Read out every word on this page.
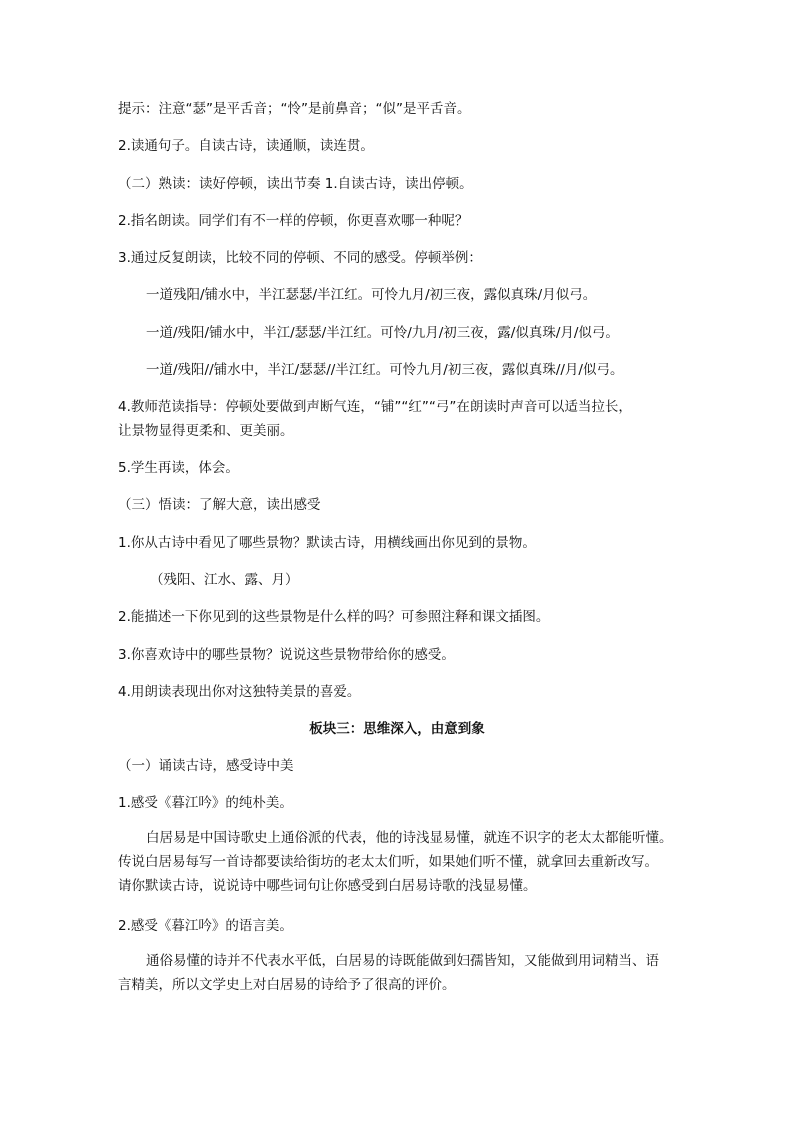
提示：注意“瑟”是平舌音；“怜”是前鼻音；“似”是平舌音。
2.读通句子。自读古诗，读通顺，读连贯。
（二）熟读：读好停顿，读出节奏 1.自读古诗，读出停顿。
2.指名朗读。同学们有不一样的停顿，你更喜欢哪一种呢？
3.通过反复朗读，比较不同的停顿、不同的感受。停顿举例：
一道残阳/铺水中，半江瑟瑟/半江红。可怜九月/初三夜，露似真珠/月似弓。
一道/残阳/铺水中，半江/瑟瑟/半江红。可怜/九月/初三夜，露/似真珠/月/似弓。
一道/残阳//铺水中，半江/瑟瑟//半江红。可怜九月/初三夜，露似真珠//月/似弓。
4.教师范读指导：停顿处要做到声断气连，“铺”“红”“弓”在朗读时声音可以适当拉长，
让景物显得更柔和、更美丽。
5.学生再读，体会。
（三）悟读：了解大意，读出感受
1.你从古诗中看见了哪些景物？默读古诗，用横线画出你见到的景物。
（残阳、江水、露、月）
2.能描述一下你见到的这些景物是什么样的吗？可参照注释和课文插图。
3.你喜欢诗中的哪些景物？说说这些景物带给你的感受。
4.用朗读表现出你对这独特美景的喜爱。
板块三：思维深入，由意到象
（一）诵读古诗，感受诗中美
1.感受《暮江吟》的纯朴美。
白居易是中国诗歌史上通俗派的代表，他的诗浅显易懂，就连不识字的老太太都能听懂。
传说白居易每写一首诗都要读给街坊的老太太们听，如果她们听不懂，就拿回去重新改写。
请你默读古诗，说说诗中哪些词句让你感受到白居易诗歌的浅显易懂。
2.感受《暮江吟》的语言美。
通俗易懂的诗并不代表水平低，白居易的诗既能做到妇孺皆知，又能做到用词精当、语
言精美，所以文学史上对白居易的诗给予了很高的评价。
